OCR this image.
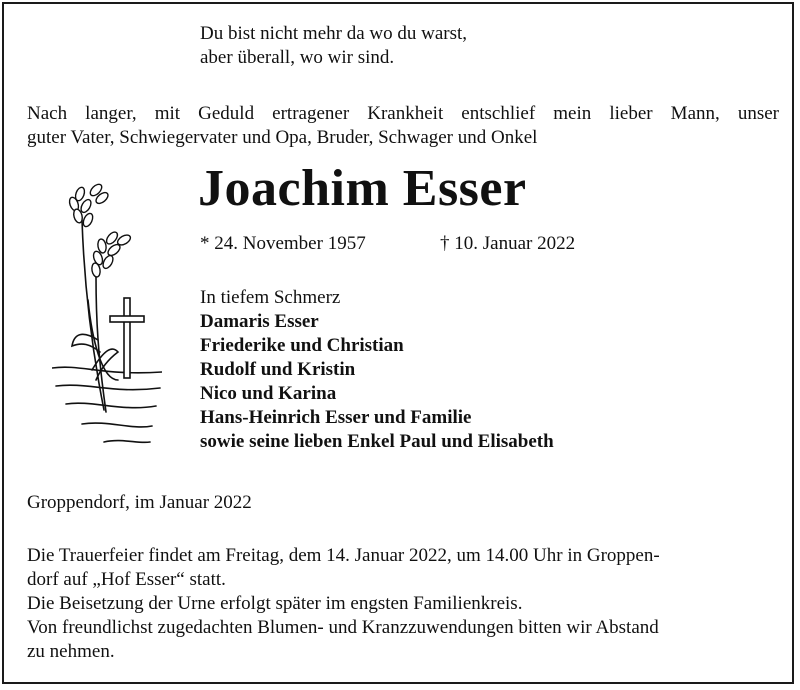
Du bist nicht mehr da wo du warst,
aber überall, wo wir sind.
Nach langer, mit Geduld ertragener Krankheit entschlief mein lieber Mann, unser
guter Vater, Schwiegervater und Opa, Bruder, Schwager und Onkel
Joachim Esser
* 24. November 1957	† 10. Januar 2022
In tiefem Schmerz
Damaris Esser
Friederike und Christian
Rudolf und Kristin
Nico und Karina
Hans-Heinrich Esser und Familie
sowie seine lieben Enkel Paul und Elisabeth
Groppendorf, im Januar 2022
Die Trauerfeier findet am Freitag, dem 14. Januar 2022, um 14.00 Uhr in Groppen-
dorf auf „Hof Esser“ statt.
Die Beisetzung der Urne erfolgt später im engsten Familienkreis.
Von freundlichst zugedachten Blumen- und Kranzzuwendungen bitten wir Abstand
zu nehmen.
